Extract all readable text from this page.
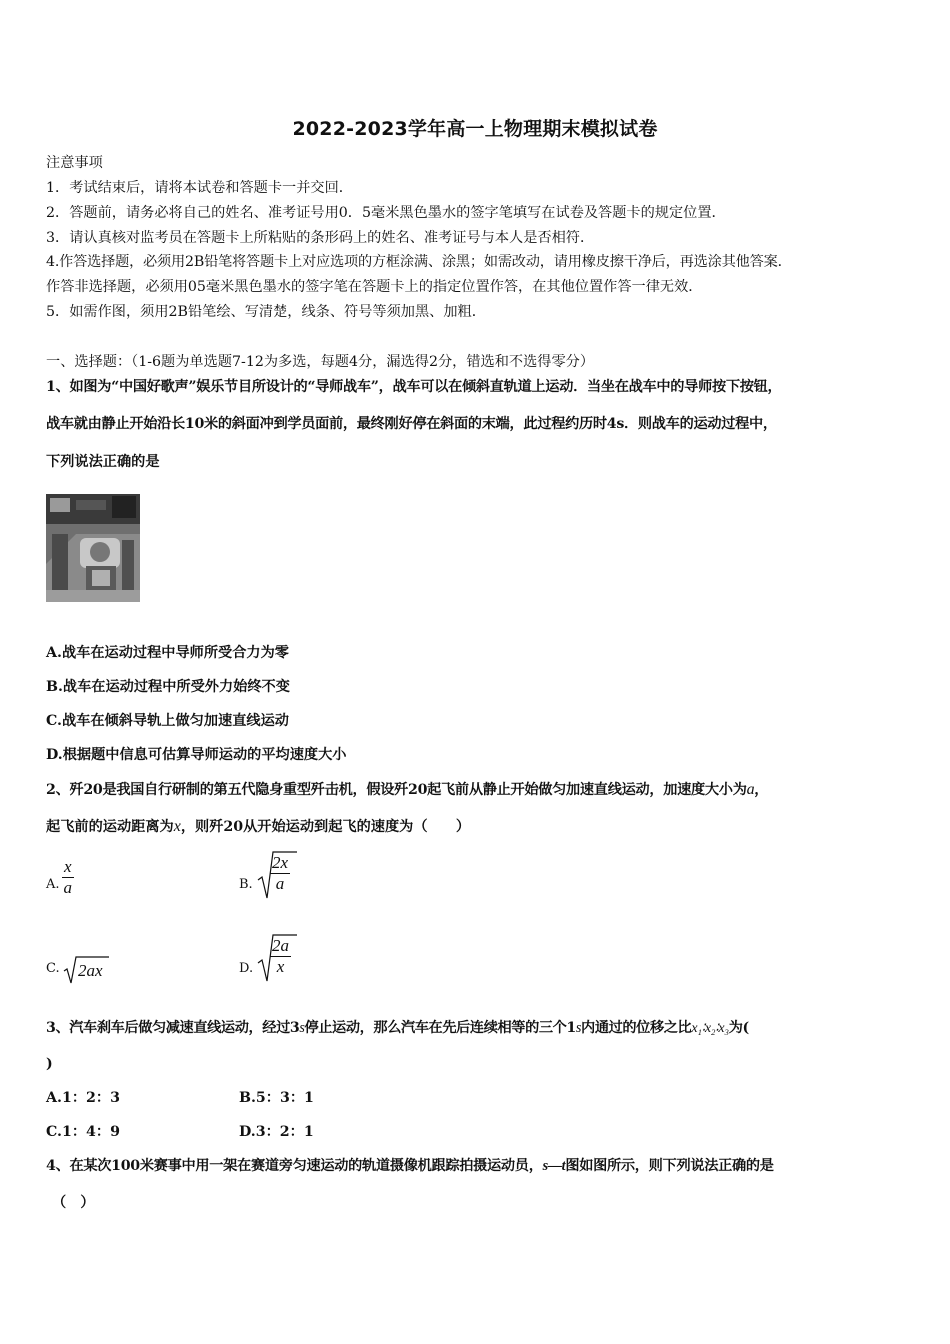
2022-2023学年高一上物理期末模拟试卷
注意事项
1．考试结束后，请将本试卷和答题卡一并交回．
2．答题前，请务必将自己的姓名、准考证号用0．5毫米黑色墨水的签字笔填写在试卷及答题卡的规定位置．
3．请认真核对监考员在答题卡上所粘贴的条形码上的姓名、准考证号与本人是否相符．
4.作答选择题，必须用2B铅笔将答题卡上对应选项的方框涂满、涂黑；如需改动，请用橡皮擦干净后，再选涂其他答案．
作答非选择题，必须用05毫米黑色墨水的签字笔在答题卡上的指定位置作答，在其他位置作答一律无效．
5．如需作图，须用2B铅笔绘、写清楚，线条、符号等须加黑、加粗．
一、选择题：（1-6题为单选题7-12为多选，每题4分，漏选得2分，错选和不选得零分）
1、如图为“中国好歌声”娱乐节目所设计的“导师战车”，战车可以在倾斜直轨道上运动．当坐在战车中的导师按下按钮，
战车就由静止开始沿长10米的斜面冲到学员面前，最终刚好停在斜面的末端，此过程约历时4s．则战车的运动过程中，
下列说法正确的是
A.战车在运动过程中导师所受合力为零
B.战车在运动过程中所受外力始终不变
C.战车在倾斜导轨上做匀加速直线运动
D.根据题中信息可估算导师运动的平均速度大小
2、歼20是我国自行研制的第五代隐身重型歼击机，假设歼20起飞前从静止开始做匀加速直线运动，加速度大小为a，
起飞前的运动距离为x，则歼20从开始运动到起飞的速度为（　　）
A. $\frac{x}{a}$	B. $\frac{2x}{a}$
C. 2ax	D. $\frac{2a}{x}$
3、汽车刹车后做匀减速直线运动，经过3s停止运动，那么汽车在先后连续相等的三个1s内通过的位移之比x₁∶x₂∶x₃为(
)
A.1：2：3	B.5：3：1
C.1：4：9	D.3：2：1
4、在某次100米赛事中用一架在赛道旁匀速运动的轨道摄像机跟踪拍摄运动员，s—t图如图所示，则下列说法正确的是
（　）
